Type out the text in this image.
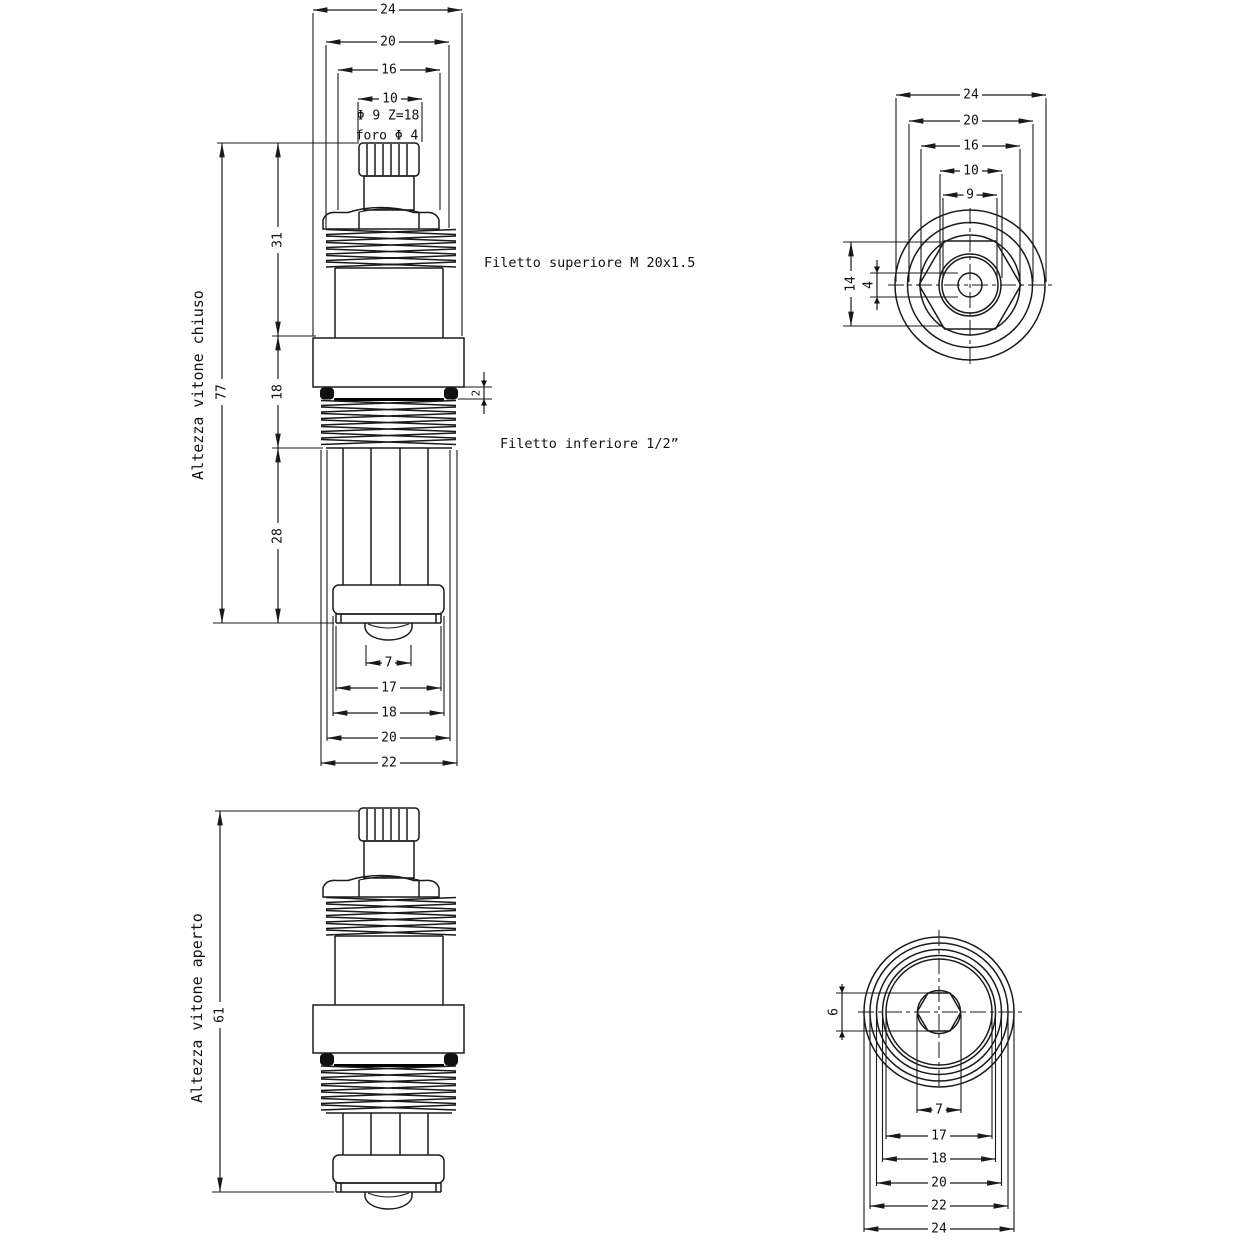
24
20
16
10
Φ 9 Z=18
foro Φ 4
2
77
Altezza vitone chiuso
31
18
28
Filetto superiore M 20x1.5
Filetto inferiore 1/2”
7
17
18
20
22
24
20
16
10
9
14 4
61
Altezza vitone aperto	6
7
17
18
20
22
24
